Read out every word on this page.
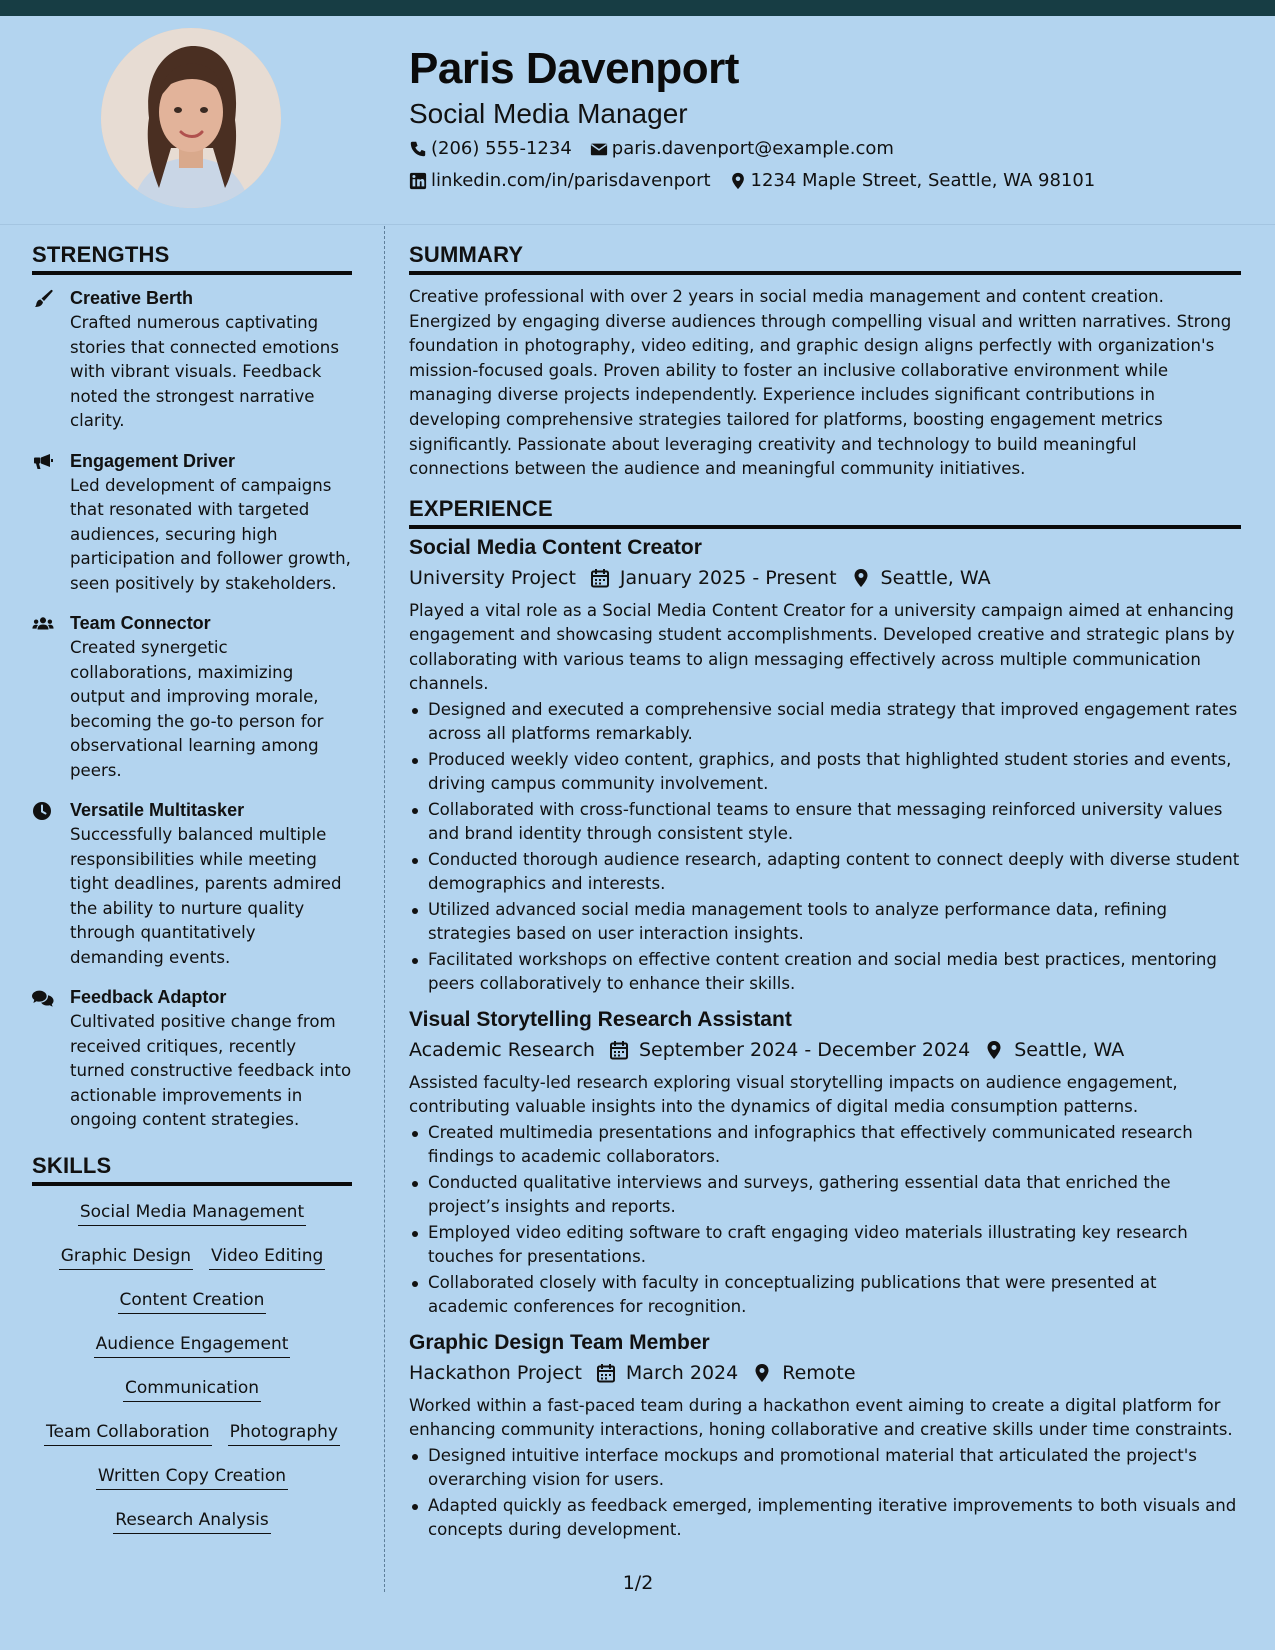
Paris Davenport
Social Media Manager
(206) 555-1234 paris.davenport@example.com
linkedin.com/in/parisdavenport 1234 Maple Street, Seattle, WA 98101
STRENGTHS
Creative Berth
Crafted numerous captivating stories that connected emotions with vibrant visuals. Feedback noted the strongest narrative clarity.
Engagement Driver
Led development of campaigns that resonated with targeted audiences, securing high participation and follower growth, seen positively by stakeholders.
Team Connector
Created synergetic collaborations, maximizing output and improving morale, becoming the go-to person for observational learning among peers.
Versatile Multitasker
Successfully balanced multiple responsibilities while meeting tight deadlines, parents admired the ability to nurture quality through quantitatively demanding events.
Feedback Adaptor
Cultivated positive change from received critiques, recently turned constructive feedback into actionable improvements in ongoing content strategies.
SKILLS
Social Media Management
Graphic Design Video Editing
Content Creation
Audience Engagement
Communication
Team Collaboration Photography
Written Copy Creation
Research Analysis
SUMMARY
Creative professional with over 2 years in social media management and content creation. Energized by engaging diverse audiences through compelling visual and written narratives. Strong foundation in photography, video editing, and graphic design aligns perfectly with organization's mission-focused goals. Proven ability to foster an inclusive collaborative environment while managing diverse projects independently. Experience includes significant contributions in developing comprehensive strategies tailored for platforms, boosting engagement metrics significantly. Passionate about leveraging creativity and technology to build meaningful connections between the audience and meaningful community initiatives.
EXPERIENCE
Social Media Content Creator
University Project January 2025 - Present Seattle, WA
Played a vital role as a Social Media Content Creator for a university campaign aimed at enhancing engagement and showcasing student accomplishments. Developed creative and strategic plans by collaborating with various teams to align messaging effectively across multiple communication channels.
Designed and executed a comprehensive social media strategy that improved engagement rates across all platforms remarkably.
Produced weekly video content, graphics, and posts that highlighted student stories and events, driving campus community involvement.
Collaborated with cross-functional teams to ensure that messaging reinforced university values and brand identity through consistent style.
Conducted thorough audience research, adapting content to connect deeply with diverse student demographics and interests.
Utilized advanced social media management tools to analyze performance data, refining strategies based on user interaction insights.
Facilitated workshops on effective content creation and social media best practices, mentoring peers collaboratively to enhance their skills.
Visual Storytelling Research Assistant
Academic Research September 2024 - December 2024 Seattle, WA
Assisted faculty-led research exploring visual storytelling impacts on audience engagement, contributing valuable insights into the dynamics of digital media consumption patterns.
Created multimedia presentations and infographics that effectively communicated research findings to academic collaborators.
Conducted qualitative interviews and surveys, gathering essential data that enriched the project’s insights and reports.
Employed video editing software to craft engaging video materials illustrating key research touches for presentations.
Collaborated closely with faculty in conceptualizing publications that were presented at academic conferences for recognition.
Graphic Design Team Member
Hackathon Project March 2024 Remote
Worked within a fast-paced team during a hackathon event aiming to create a digital platform for enhancing community interactions, honing collaborative and creative skills under time constraints.
Designed intuitive interface mockups and promotional material that articulated the project's overarching vision for users.
Adapted quickly as feedback emerged, implementing iterative improvements to both visuals and concepts during development.
1/2
